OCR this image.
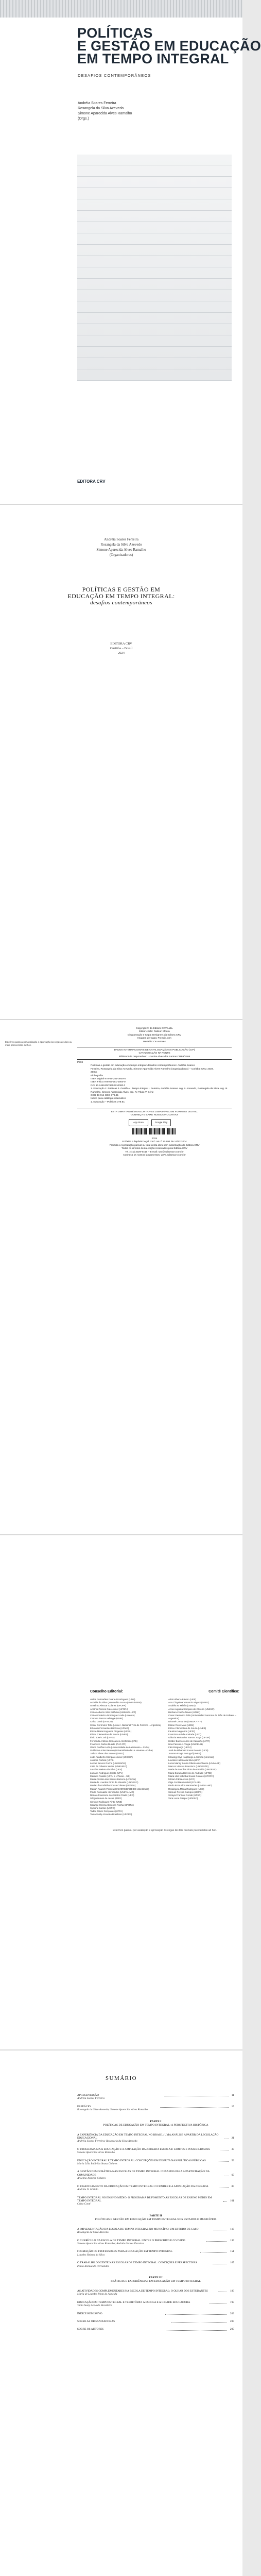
POLÍTICAS
E GESTÃO EM EDUCAÇÃO
EM TEMPO INTEGRAL
DESAFIOS CONTEMPORÂNEOS
Andréia Soares Ferreira
Rosangela da Silva Azevedo
Simone Aparecida Alves Ramalho
(Orgs.)
EDITORA CRV
Andréia Soares Ferreira
Rosangela da Silva Azevedo
Simone Aparecida Alves Ramalho
(Organizadoras)
POLÍTICAS E GESTÃO EM
EDUCAÇÃO EM TEMPO INTEGRAL:
desafios contemporâneos
EDITORA CRV
Curitiba – Brasil
2024
Este livro passou por avaliação e aprovação às cegas de dois ou mais pareceristas ad hoc.
Copyright © da Editora CRV Ltda.
Editor-chefe: Railson Moura
Diagramação e Capa: Designers da Editora CRV
Imagem de Capa: Freepik.com
Revisão: Os Autores
DADOS INTERNACIONAIS DE CATALOGAÇÃO NA PUBLICAÇÃO (CIP)
CATALOGAÇÃO NA FONTE
Bibliotecária responsável: Luzenira Alves dos Santos CRB9/1506
P769
Políticas e gestão em educação em tempo integral: desafios contemporâneos / Andréia Soares
Ferreira, Rosangela da Silva Azevedo, Simone Aparecida Alves Ramalho (organizadoras) – Curitiba: CRV, 2024.
208 p.
Bibliografia
ISBN Digital 978-65-251-0000-0
ISBN Físico 978-65-251-0000-0
DOI 10.24824/978652510000.0
1. Educação 2. Políticas 3. Gestão 4. Tempo integral I. Ferreira, Andréia Soares. org. II. Azevedo, Rosangela da Silva. org. III. Ramalho, Simone Aparecida Alves. org. IV. Título V. Série
CDU 37.014 CDD 379.81
Índice para catálogo sistemático
1. Educação – Políticas 379.81
ESTA OBRA TAMBÉM ENCONTRA-SE DISPONÍVEL EM FORMATO DIGITAL.
CONHEÇA E BAIXE NOSSO APLICATIVO!
App Store	Google Play
2024
Foi feito o depósito legal conf. Lei nº 10.994 de 14/12/2004
Proibida a reprodução parcial ou total desta obra sem autorização da Editora CRV
Todos os direitos desta edição reservados pela Editora CRV
Tel.: (41) 3029-6416 – E-mail: sac@editoracrv.com.br
Conheça os nossos lançamentos: www.editoracrv.com.br
Conselho Editorial:	Comitê Científico:
Aldira Guimarães Duarte Domínguez (UNB)
Andréia da Silva Quintanilha Sousa (UNIR/UFRN)
Anselmo Alencar Colares (UFOPA)
Antônio Pereira Gaio Júnior (UFRRJ)
Carlos Alberto Vilar Estêvão (UMINHO – PT)
Carlos Federico Dominguez Avila (Unieuro)
Carmen Tereza Velanga (UNIR)
Celso Conti (UFSCar)
Cesar Gerónimo Tello (Univer .Nacional Três de Febrero – Argentina)
Eduardo Fernandes Barbosa (UFMG)
Elione Maria Nogueira Diogenes (UFAL)
Elizeu Clementino de Souza (UNEB)
Élsio José Corá (UFFS)
Fernando Antônio Gonçalves Alcoforado (IPB)
Francisco Carlos Duarte (PUC-PR)
Gloria Fariñas León (Universidade de La Havana – Cuba)
Guillermo Arias Beatón (Universidade de La Havana – Cuba)
Jailson Alves dos Santos (UFRJ)
João Adalberto Campato Junior (UNESP)
Josania Portela (UFPI)
Leonel Severo Rocha (UNISINOS)
Lídia de Oliveira Xavier (UNIEURO)
Lourdes Helena da Silva (UFV)
Luciano Rodrigues Costa (UFV)
Marcelo Paixão (UFRJ e UTexas – US)
Maria Cristina dos Santos Bezerra (UFSCar)
Maria de Lourdes Pinto de Almeida (UNOESC)
Maria Lília Imbiriba Sousa Colares (UFOPA)
Mariah Rausch Pereira (UNIVERSIDADE DE Uberlândia)
Paulo Romualdo Hernandes (UNIFAL-MG)
Renato Francisco dos Santos Paula (UFG)
Sérgio Nunes de Jesus (IFRO)
Simone Rodrigues Pinto (UNB)
Solange Helena Ximenes-Rocha (UFOPA)
Sydione Santos (UEPG)
Tadeu Oliver Gonçalves (UFPA)
Tania Suely Azevedo Brasileiro (UFOPA)
Altair Alberto Fávero (UPF)
Ana Chrystina Venancio Mignot (UERJ)
Andréia N. Militão (UEMS)
Anna Augusta Sampaio de Oliveira (UNESP)
Barbara Coelho Neves (UFBA)
Cesar Gerónimo Tello (Universidad Nacional de Três de Febrero – Argentina)
Diosnel Centurion (UNIDA – PY)
Eliane Rose Maio (UEM)
Elizeu Clementino de Souza (UNEB)
Fauston Negreiros (UFPI)
Francisco Ari de Andrade (UFC)
Gláucia Maria dos Santos Jorge (UFOP)
Helder Buenos Aires de Carvalho (UFPI)
Ilma Passos A. Veiga (UNICEUB)
Inês Bragança (UERJ)
José de Ribamar Sousa Pereira (UCB)
Jussara Fraga Portugal (UNEB)
Kilwangy Kya Kapitango-a-Samba (Unemat)
Lourdes Helena da Silva (UFV)
Lucia Marisy Souza Ribeiro de Oliveira (UNIVASF)
Marcos Vinicius Francisco (UNOESTE)
Maria de Lourdes Pinto de Almeida (UNOESC)
Maria Eurácia Barreto de Andrade (UFRB)
Maria Lília Imbiriba Sousa Colares (UFOPA)
Míriam Fábia Alves (UFG)
Olga Ceciliato Mattioli (FCLAR)
Paulo Romualdo Hernandes (UNIFAL-MG)
Rosângela Maria Rodrigues (UCB)
Samuel Pereira Campos (UEPG)
Soraya Franzoni Conde (UFSC)
Vera Lucia Gaspar (UDESC)
Este livro passou por avaliação e aprovação às cegas de dois ou mais pareceristas ad hoc.
SUMÁRIO
APRESENTAÇÃO	11
Andréia Soares Ferreira
PREFÁCIO	15
Rosangela da Silva Azevedo; Simone Aparecida Alves Ramalho
PARTE I
POLÍTICAS DE EDUCAÇÃO EM TEMPO INTEGRAL: A PERSPECTIVA HISTÓRICA
A EXPERIÊNCIA DA EDUCAÇÃO EM TEMPO INTEGRAL NO BRASIL: UMA ANÁLISE A PARTIR DA LEGISLAÇÃO EDUCACIONAL	21
Andréia Soares Ferreira; Rosangela da Silva Azevedo
O PROGRAMA MAIS EDUCAÇÃO E A AMPLIAÇÃO DA JORNADA ESCOLAR: LIMITES E POSSIBILIDADES	37
Simone Aparecida Alves Ramalho
EDUCAÇÃO INTEGRAL E TEMPO INTEGRAL: CONCEPÇÕES EM DISPUTA NAS POLÍTICAS PÚBLICAS	53
Maria Lília Imbiriba Sousa Colares
A GESTÃO DEMOCRÁTICA NAS ESCOLAS DE TEMPO INTEGRAL: DESAFIOS PARA A PARTICIPAÇÃO DA COMUNIDADE	69
Anselmo Alencar Colares
O FINANCIAMENTO DA EDUCAÇÃO EM TEMPO INTEGRAL: O FUNDEB E A AMPLIAÇÃO DA JORNADA	85
Andréia N. Militão
TEMPO INTEGRAL NO ENSINO MÉDIO: O PROGRAMA DE FOMENTO ÀS ESCOLAS DE ENSINO MÉDIO EM TEMPO INTEGRAL	101
Celso Conti
PARTE II
POLÍTICAS E GESTÃO EM EDUCAÇÃO EM TEMPO INTEGRAL NOS ESTADOS E MUNICÍPIOS
A IMPLEMENTAÇÃO DA ESCOLA DE TEMPO INTEGRAL NO MUNICÍPIO: UM ESTUDO DE CASO	119
Rosangela da Silva Azevedo
O CURRÍCULO NA ESCOLA DE TEMPO INTEGRAL: ENTRE O PRESCRITO E O VIVIDO	135
Simone Aparecida Alves Ramalho; Andréia Soares Ferreira
FORMAÇÃO DE PROFESSORES PARA A EDUCAÇÃO EM TEMPO INTEGRAL	151
Lourdes Helena da Silva
O TRABALHO DOCENTE NAS ESCOLAS DE TEMPO INTEGRAL: CONDIÇÕES E PERSPECTIVAS	167
Paulo Romualdo Hernandes
PARTE III
PRÁTICAS E EXPERIÊNCIAS EM EDUCAÇÃO EM TEMPO INTEGRAL
AS ATIVIDADES COMPLEMENTARES NA ESCOLA DE TEMPO INTEGRAL: O OLHAR DOS ESTUDANTES	183
Maria de Lourdes Pinto de Almeida
EDUCAÇÃO EM TEMPO INTEGRAL E TERRITÓRIO: A ESCOLA E A CIDADE EDUCADORA	193
Tania Suely Azevedo Brasileiro
ÍNDICE REMISSIVO	203
SOBRE AS ORGANIZADORAS	205
SOBRE OS AUTORES	207
